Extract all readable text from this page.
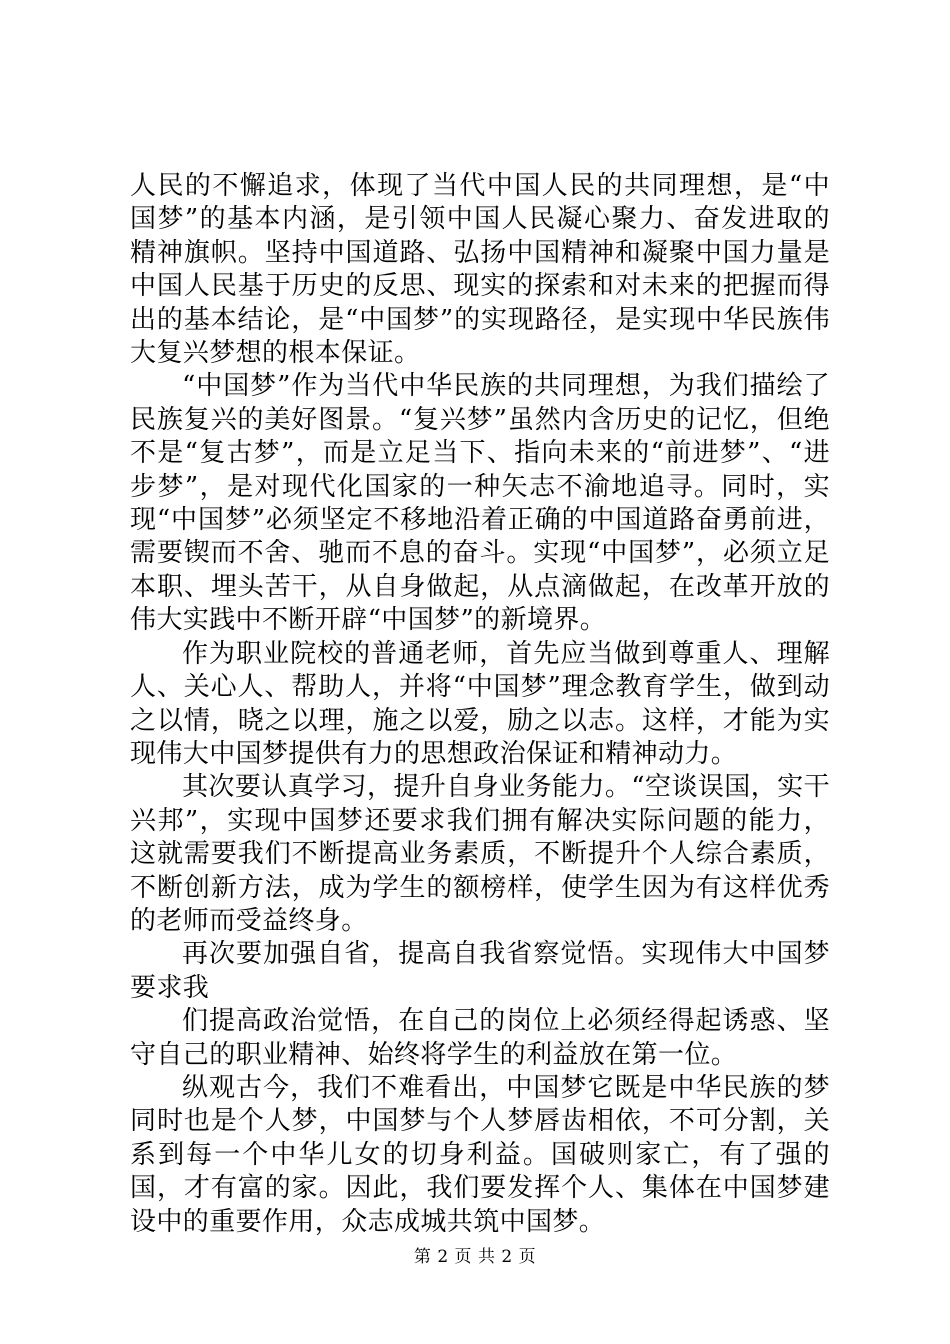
人民的不懈追求，体现了当代中国人民的共同理想，是“中国梦”的基本内涵，是引领中国人民凝心聚力、奋发进取的精神旗帜。坚持中国道路、弘扬中国精神和凝聚中国力量是中国人民基于历史的反思、现实的探索和对未来的把握而得出的基本结论，是“中国梦”的实现路径，是实现中华民族伟大复兴梦想的根本保证。

“中国梦”作为当代中华民族的共同理想，为我们描绘了民族复兴的美好图景。“复兴梦”虽然内含历史的记忆，但绝不是“复古梦”，而是立足当下、指向未来的“前进梦”、“进步梦”，是对现代化国家的一种矢志不渝地追寻。同时，实现“中国梦”必须坚定不移地沿着正确的中国道路奋勇前进，需要锲而不舍、驰而不息的奋斗。实现“中国梦”，必须立足本职、埋头苦干，从自身做起，从点滴做起，在改革开放的伟大实践中不断开辟“中国梦”的新境界。

作为职业院校的普通老师，首先应当做到尊重人、理解人、关心人、帮助人，并将“中国梦”理念教育学生，做到动之以情，晓之以理，施之以爱，励之以志。这样，才能为实现伟大中国梦提供有力的思想政治保证和精神动力。

其次要认真学习，提升自身业务能力。“空谈误国，实干兴邦”，实现中国梦还要求我们拥有解决实际问题的能力，这就需要我们不断提高业务素质，不断提升个人综合素质，不断创新方法，成为学生的额榜样，使学生因为有这样优秀的老师而受益终身。

再次要加强自省，提高自我省察觉悟。实现伟大中国梦要求我

们提高政治觉悟，在自己的岗位上必须经得起诱惑、坚守自己的职业精神、始终将学生的利益放在第一位。

纵观古今，我们不难看出，中国梦它既是中华民族的梦同时也是个人梦，中国梦与个人梦唇齿相依，不可分割，关系到每一个中华儿女的切身利益。国破则家亡，有了强的国，才有富的家。因此，我们要发挥个人、集体在中国梦建设中的重要作用，众志成城共筑中国梦。

第 2 页 共 2 页
